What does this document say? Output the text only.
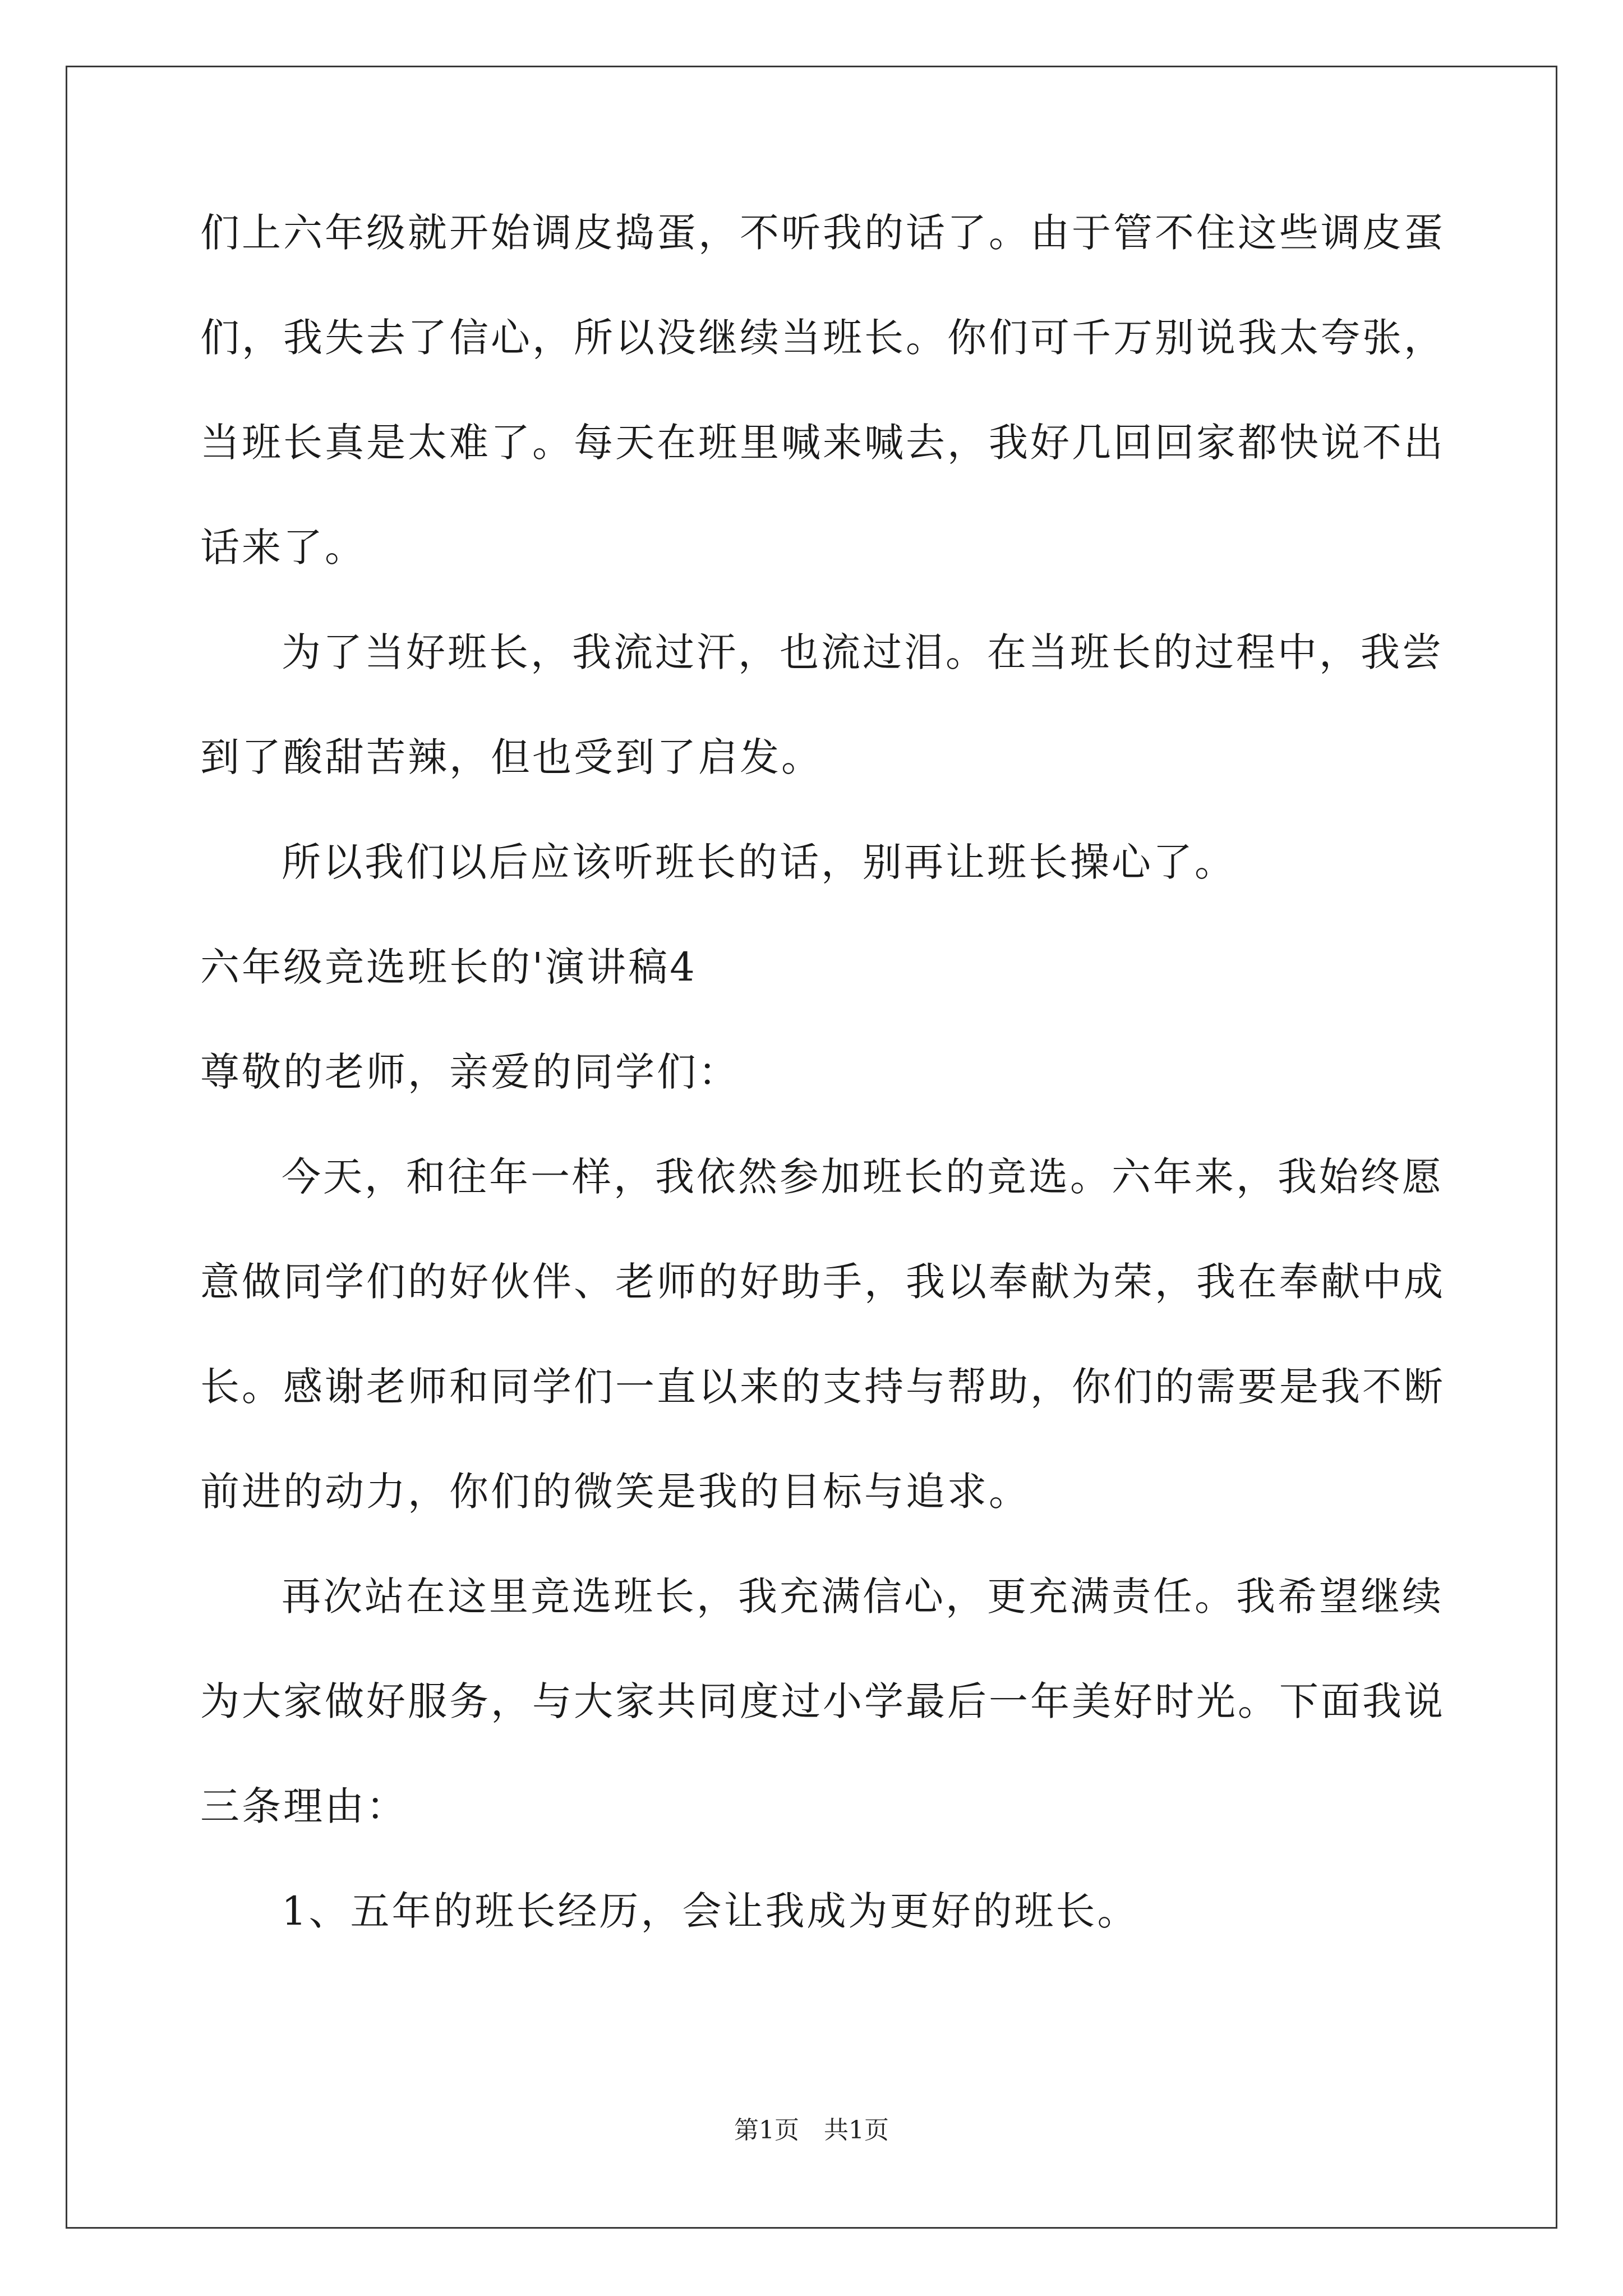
们上六年级就开始调皮捣蛋，不听我的话了。由于管不住这些调皮蛋

们，我失去了信心，所以没继续当班长。你们可千万别说我太夸张，

当班长真是太难了。每天在班里喊来喊去，我好几回回家都快说不出

话来了。

为了当好班长，我流过汗，也流过泪。在当班长的过程中，我尝

到了酸甜苦辣，但也受到了启发。

所以我们以后应该听班长的话，别再让班长操心了。

六年级竞选班长的'演讲稿4

尊敬的老师，亲爱的同学们：

今天，和往年一样，我依然参加班长的竞选。六年来，我始终愿

意做同学们的好伙伴、老师的好助手，我以奉献为荣，我在奉献中成

长。感谢老师和同学们一直以来的支持与帮助，你们的需要是我不断

前进的动力，你们的微笑是我的目标与追求。

再次站在这里竞选班长，我充满信心，更充满责任。我希望继续

为大家做好服务，与大家共同度过小学最后一年美好时光。下面我说

三条理由：

1、五年的班长经历，会让我成为更好的班长。

第1页　共1页
